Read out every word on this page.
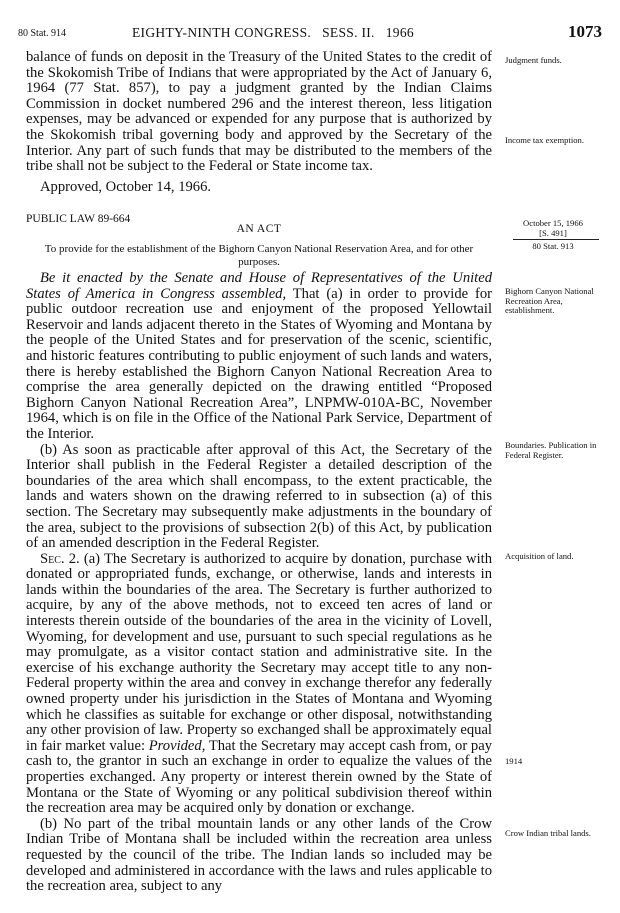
80 Stat. 914	EIGHTY-NINTH CONGRESS.   SESS. II.   1966	1073

balance of funds on deposit in the Treasury of the United States to the credit of the Skokomish Tribe of Indians that were appropriated by the Act of January 6, 1964 (77 Stat. 857), to pay a judgment granted by the Indian Claims Commission in docket numbered 296 and the interest thereon, less litigation expenses, may be advanced or expended for any purpose that is authorized by the Skokomish tribal governing body and approved by the Secretary of the Interior. Any part of such funds that may be distributed to the members of the tribe shall not be subject to the Federal or State income tax.

Approved, October 14, 1966.

PUBLIC LAW 89-664
AN ACT
To provide for the establishment of the Bighorn Canyon National Reservation Area, and for other purposes.

Be it enacted by the Senate and House of Representatives of the United States of America in Congress assembled, That (a) in order to provide for public outdoor recreation use and enjoyment of the proposed Yellowtail Reservoir and lands adjacent thereto in the States of Wyoming and Montana by the people of the United States and for preservation of the scenic, scientific, and historic features contributing to public enjoyment of such lands and waters, there is hereby established the Bighorn Canyon National Recreation Area to comprise the area generally depicted on the drawing entitled “Proposed Bighorn Canyon National Recreation Area”, LNPMW-010A-BC, November 1964, which is on file in the Office of the National Park Service, Department of the Interior.

(b) As soon as practicable after approval of this Act, the Secretary of the Interior shall publish in the Federal Register a detailed description of the boundaries of the area which shall encompass, to the extent practicable, the lands and waters shown on the drawing referred to in subsection (a) of this section. The Secretary may subsequently make adjustments in the boundary of the area, subject to the provisions of subsection 2(b) of this Act, by publication of an amended description in the Federal Register.

Sec. 2. (a) The Secretary is authorized to acquire by donation, purchase with donated or appropriated funds, exchange, or otherwise, lands and interests in lands within the boundaries of the area. The Secretary is further authorized to acquire, by any of the above methods, not to exceed ten acres of land or interests therein outside of the boundaries of the area in the vicinity of Lovell, Wyoming, for development and use, pursuant to such special regulations as he may promulgate, as a visitor contact station and administrative site. In the exercise of his exchange authority the Secretary may accept title to any non-Federal property within the area and convey in exchange therefor any federally owned property under his jurisdiction in the States of Montana and Wyoming which he classifies as suitable for exchange or other disposal, notwithstanding any other provision of law. Property so exchanged shall be approximately equal in fair market value: Provided, That the Secretary may accept cash from, or pay cash to, the grantor in such an exchange in order to equalize the values of the properties exchanged. Any property or interest therein owned by the State of Montana or the State of Wyoming or any political subdivision thereof within the recreation area may be acquired only by donation or exchange.

(b) No part of the tribal mountain lands or any other lands of the Crow Indian Tribe of Montana shall be included within the recreation area unless requested by the council of the tribe. The Indian lands so included may be developed and administered in accordance with the laws and rules applicable to the recreation area, subject to any

Judgment funds.
Income tax exemption.
October 15, 1966
[S. 491]
80 Stat. 913
Bighorn Canyon National Recreation Area, establishment.
Boundaries. Publication in Federal Register.
Acquisition of land.
1914
Crow Indian tribal lands.
